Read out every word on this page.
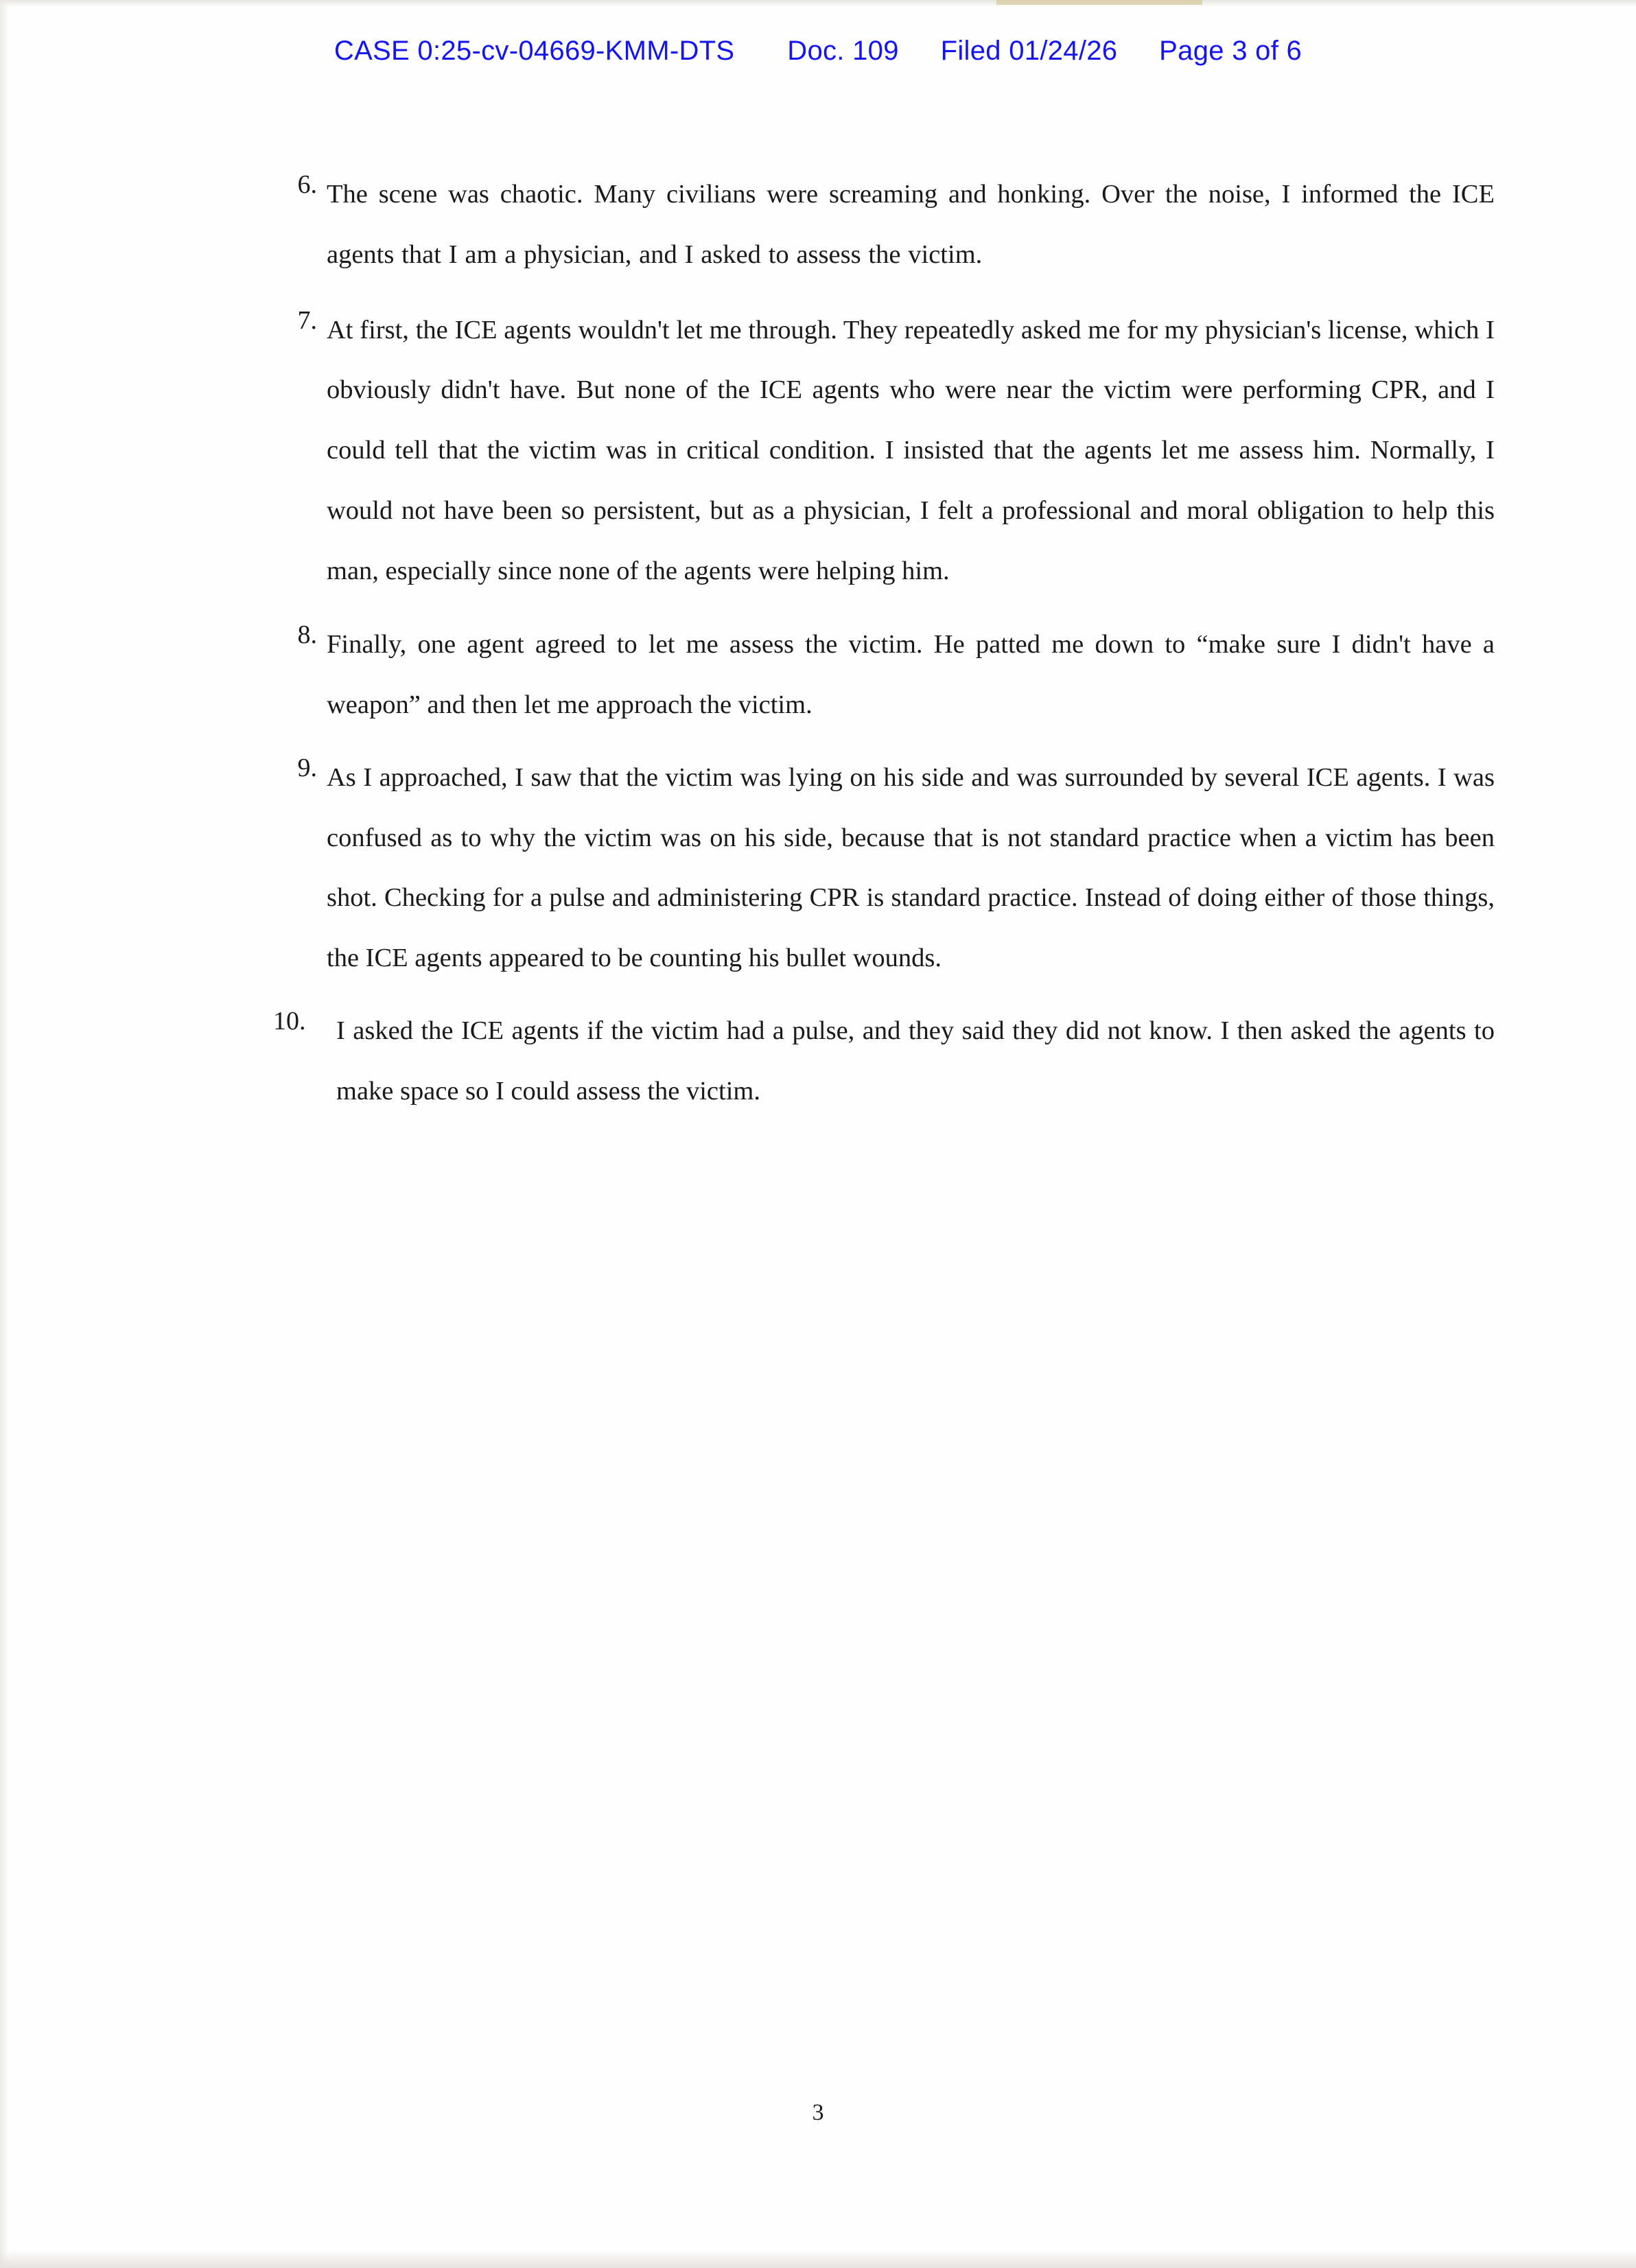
CASE 0:25-cv-04669-KMM-DTS Doc. 109 Filed 01/24/26 Page 3 of 6
6. The scene was chaotic. Many civilians were screaming and honking. Over the noise, I informed the ICE agents that I am a physician, and I asked to assess the victim.
7. At first, the ICE agents wouldn't let me through. They repeatedly asked me for my physician's license, which I obviously didn't have. But none of the ICE agents who were near the victim were performing CPR, and I could tell that the victim was in critical condition. I insisted that the agents let me assess him. Normally, I would not have been so persistent, but as a physician, I felt a professional and moral obligation to help this man, especially since none of the agents were helping him.
8. Finally, one agent agreed to let me assess the victim. He patted me down to “make sure I didn't have a weapon” and then let me approach the victim.
9. As I approached, I saw that the victim was lying on his side and was surrounded by several ICE agents. I was confused as to why the victim was on his side, because that is not standard practice when a victim has been shot. Checking for a pulse and administering CPR is standard practice. Instead of doing either of those things, the ICE agents appeared to be counting his bullet wounds.
10.	I asked the ICE agents if the victim had a pulse, and they said they did not know. I then asked the agents to make space so I could assess the victim.
3
